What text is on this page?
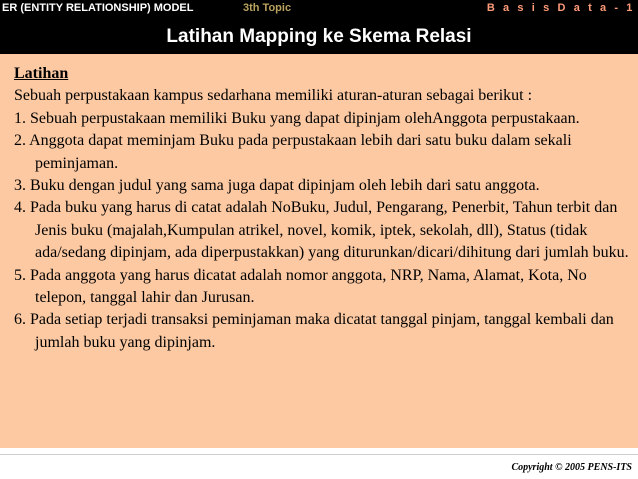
ER (ENTITY RELATIONSHIP) MODEL	3th Topic	B a s i s D a t a - 1
Latihan Mapping ke Skema Relasi
Latihan

Sebuah perpustakaan kampus sedarhana memiliki aturan-aturan sebagai berikut :

1. Sebuah perpustakaan memiliki Buku yang dapat dipinjam olehAnggota perpustakaan.

2. Anggota dapat meminjam Buku pada perpustakaan lebih dari satu buku dalam sekali peminjaman.

3. Buku dengan judul yang sama juga dapat dipinjam oleh lebih dari satu anggota.

4. Pada buku yang harus di catat adalah NoBuku, Judul, Pengarang, Penerbit, Tahun terbit dan Jenis buku (majalah,Kumpulan atrikel, novel, komik, iptek, sekolah, dll), Status (tidak ada/sedang dipinjam, ada diperpustakkan) yang diturunkan/dicari/dihitung dari jumlah buku.

5. Pada anggota yang harus dicatat adalah nomor anggota, NRP, Nama, Alamat, Kota, No telepon, tanggal lahir dan Jurusan.

6. Pada setiap terjadi transaksi peminjaman maka dicatat tanggal pinjam, tanggal kembali dan jumlah buku yang dipinjam.

Copyright © 2005 PENS-ITS
